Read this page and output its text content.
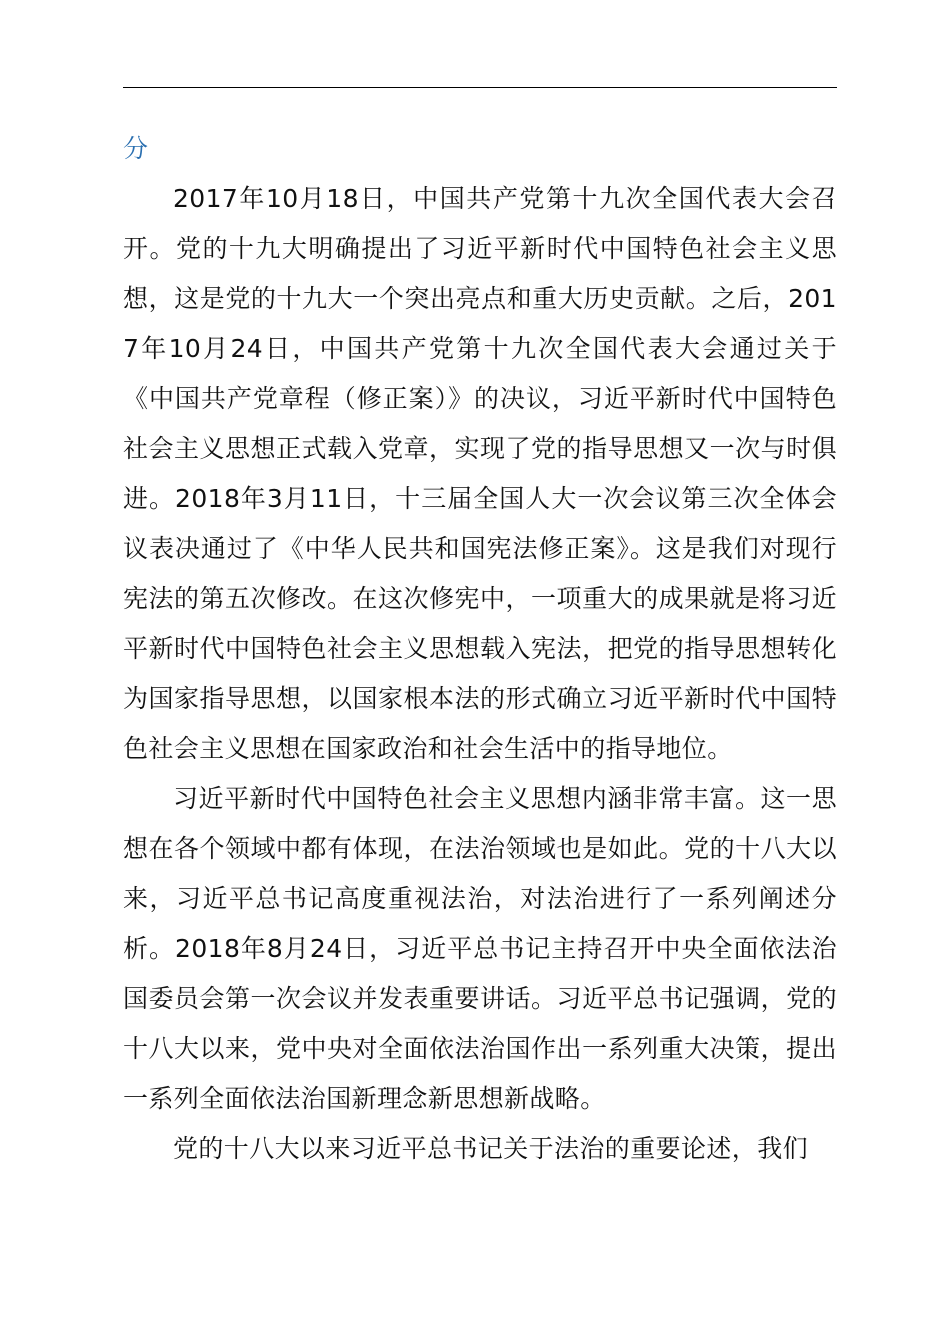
分

2017年10月18日，中国共产党第十九次全国代表大会召开。党的十九大明确提出了习近平新时代中国特色社会主义思想，这是党的十九大一个突出亮点和重大历史贡献。之后，2017年10月24日，中国共产党第十九次全国代表大会通过关于《中国共产党章程（修正案）》的决议，习近平新时代中国特色社会主义思想正式载入党章，实现了党的指导思想又一次与时俱进。2018年3月11日，十三届全国人大一次会议第三次全体会议表决通过了《中华人民共和国宪法修正案》。这是我们对现行宪法的第五次修改。在这次修宪中，一项重大的成果就是将习近平新时代中国特色社会主义思想载入宪法，把党的指导思想转化为国家指导思想，以国家根本法的形式确立习近平新时代中国特色社会主义思想在国家政治和社会生活中的指导地位。

习近平新时代中国特色社会主义思想内涵非常丰富。这一思想在各个领域中都有体现，在法治领域也是如此。党的十八大以来，习近平总书记高度重视法治，对法治进行了一系列阐述分析。2018年8月24日，习近平总书记主持召开中央全面依法治国委员会第一次会议并发表重要讲话。习近平总书记强调，党的十八大以来，党中央对全面依法治国作出一系列重大决策，提出一系列全面依法治国新理念新思想新战略。

党的十八大以来习近平总书记关于法治的重要论述，我们
